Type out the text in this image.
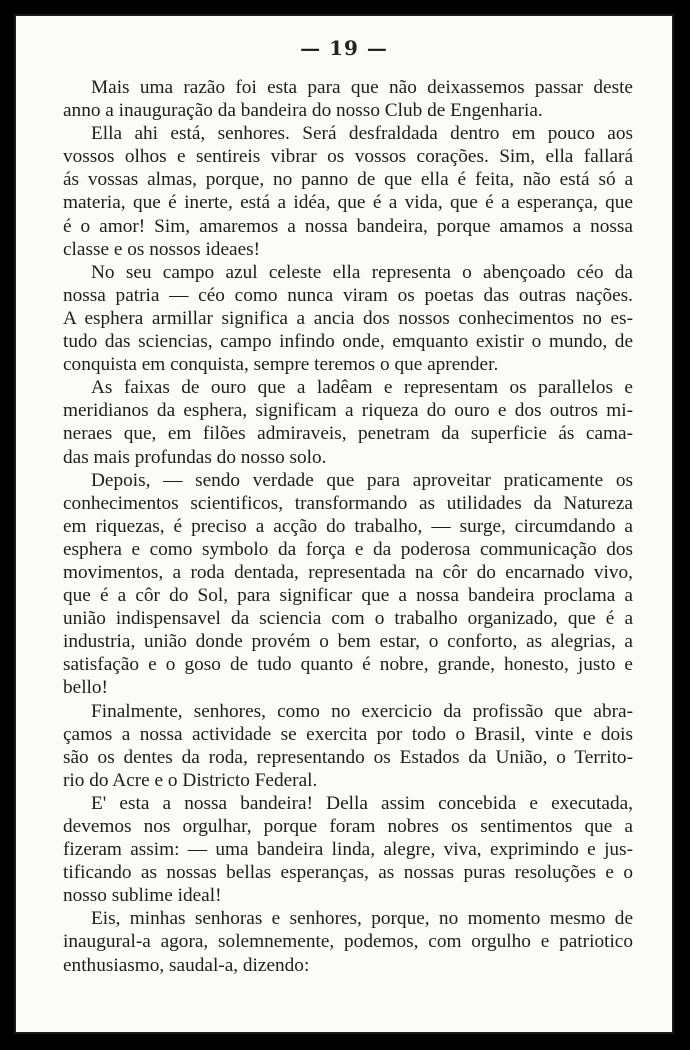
— 19 —
Mais uma razão foi esta para que não deixassemos passar deste
anno a inauguração da bandeira do nosso Club de Engenharia.
Ella ahi está, senhores. Será desfraldada dentro em pouco aos
vossos olhos e sentireis vibrar os vossos corações. Sim, ella fallará
ás vossas almas, porque, no panno de que ella é feita, não está só a
materia, que é inerte, está a idéa, que é a vida, que é a esperança, que
é o amor! Sim, amaremos a nossa bandeira, porque amamos a nossa
classe e os nossos ideaes!
No seu campo azul celeste ella representa o abençoado céo da
nossa patria — céo como nunca viram os poetas das outras nações.
A esphera armillar significa a ancia dos nossos conhecimentos no es-
tudo das sciencias, campo infindo onde, emquanto existir o mundo, de
conquista em conquista, sempre teremos o que aprender.
As faixas de ouro que a ladêam e representam os parallelos e
meridianos da esphera, significam a riqueza do ouro e dos outros mi-
neraes que, em filões admiraveis, penetram da superficie ás cama-
das mais profundas do nosso solo.
Depois, — sendo verdade que para aproveitar praticamente os
conhecimentos scientificos, transformando as utilidades da Natureza
em riquezas, é preciso a acção do trabalho, — surge, circumdando a
esphera e como symbolo da força e da poderosa communicação dos
movimentos, a roda dentada, representada na côr do encarnado vivo,
que é a côr do Sol, para significar que a nossa bandeira proclama a
união indispensavel da sciencia com o trabalho organizado, que é a
industria, união donde provém o bem estar, o conforto, as alegrias, a
satisfação e o goso de tudo quanto é nobre, grande, honesto, justo e
bello!
Finalmente, senhores, como no exercicio da profissão que abra-
çamos a nossa actividade se exercita por todo o Brasil, vinte e dois
são os dentes da roda, representando os Estados da União, o Territo-
rio do Acre e o Districto Federal.
E' esta a nossa bandeira! Della assim concebida e executada,
devemos nos orgulhar, porque foram nobres os sentimentos que a
fizeram assim: — uma bandeira linda, alegre, viva, exprimindo e jus-
tificando as nossas bellas esperanças, as nossas puras resoluções e o
nosso sublime ideal!
Eis, minhas senhoras e senhores, porque, no momento mesmo de
inaugural-a agora, solemnemente, podemos, com orgulho e patriotico
enthusiasmo, saudal-a, dizendo:
